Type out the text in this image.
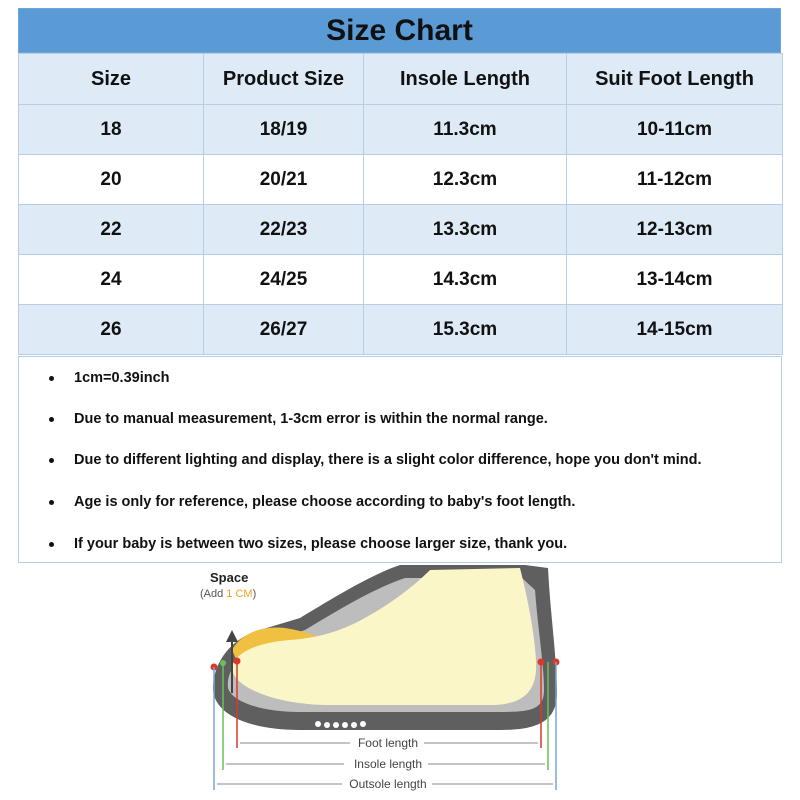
Size Chart
Size	Product Size	Insole Length	Suit Foot Length
18	18/19	11.3cm	10-11cm
20	20/21	12.3cm	11-12cm
22	22/23	13.3cm	12-13cm
24	24/25	14.3cm	13-14cm
26	26/27	15.3cm	14-15cm
1cm=0.39inch
Due to manual measurement, 1-3cm error is within the normal range.
Due to different lighting and display, there is a slight color difference, hope you don't mind.
Age is only for reference, please choose according to baby's foot length.
If your baby is between two sizes, please choose larger size, thank you.
Space
(Add 1 CM)
Foot length
Insole length
Outsole length
